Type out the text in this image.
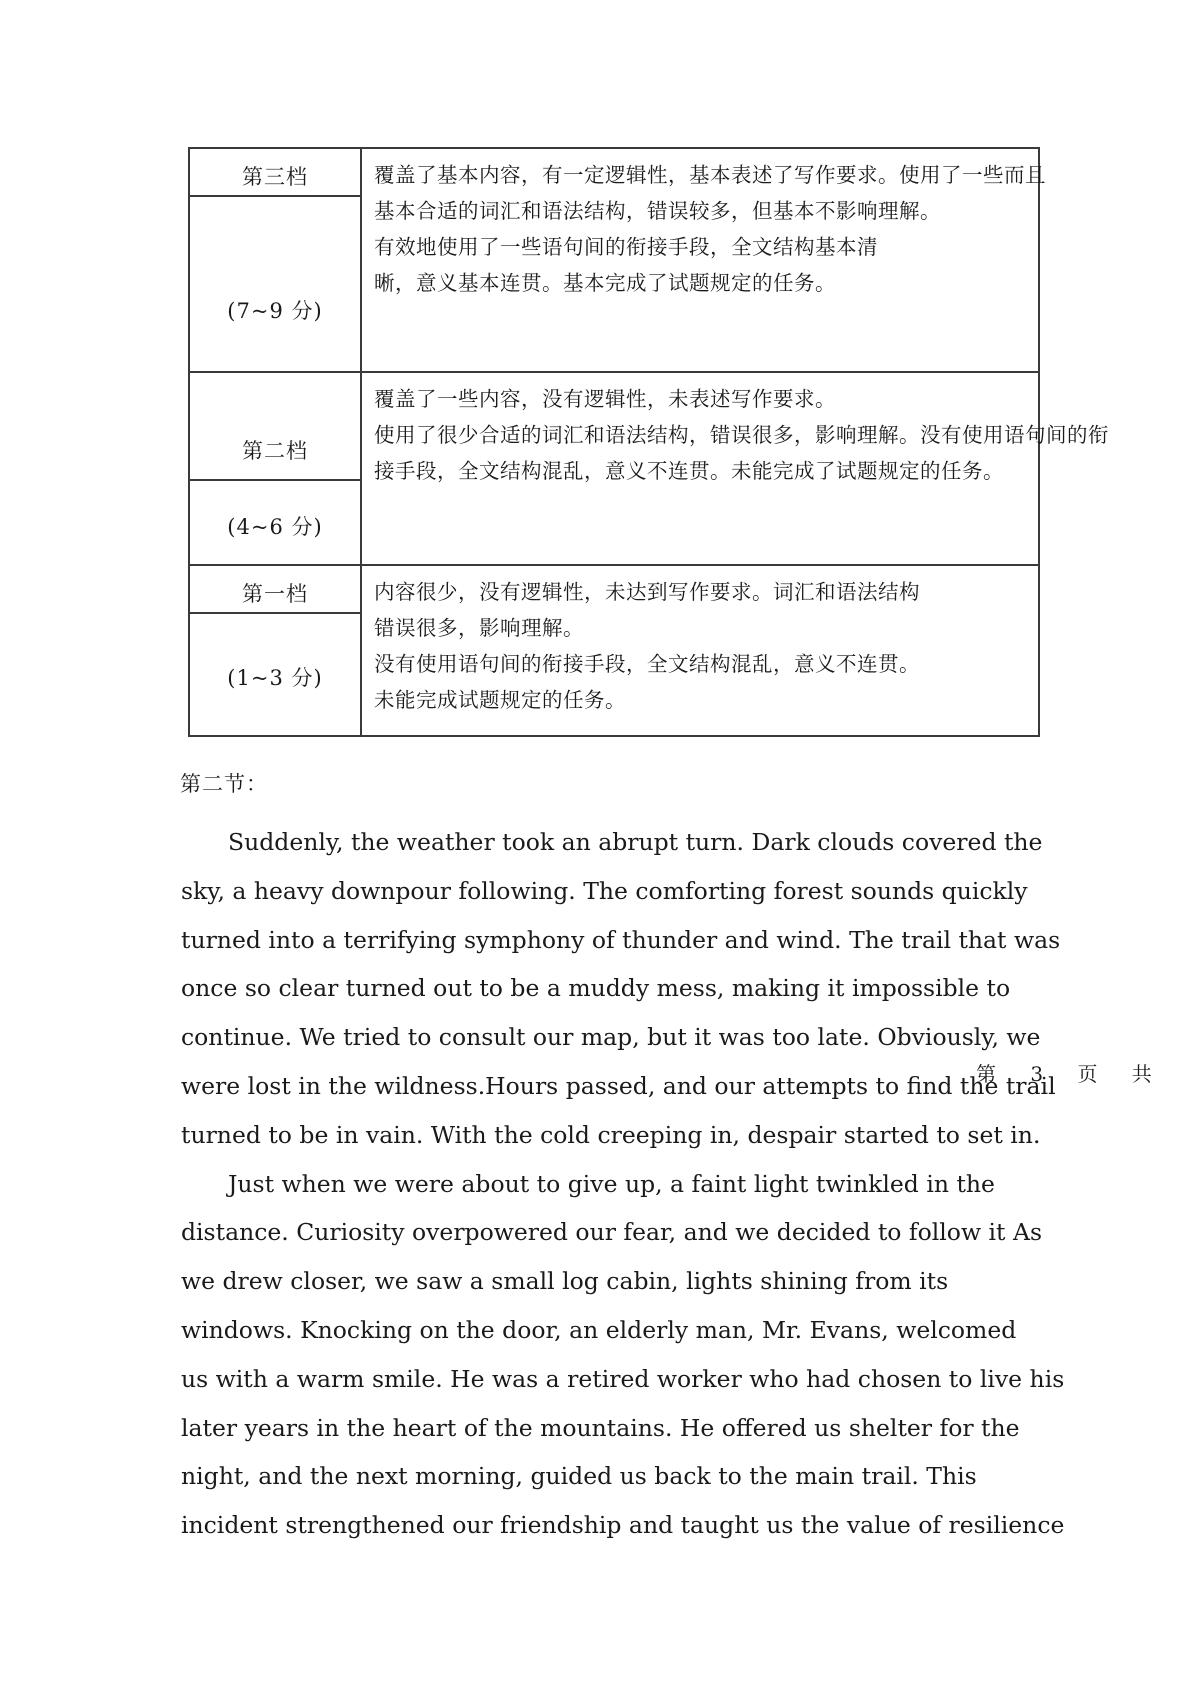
第三档
(7~9 分)
覆盖了基本内容，有一定逻辑性，基本表述了写作要求。使用了一些而且
基本合适的词汇和语法结构，错误较多，但基本不影响理解。
有效地使用了一些语句间的衔接手段，全文结构基本清
晰，意义基本连贯。基本完成了试题规定的任务。
第二档
(4~6 分)
覆盖了一些内容，没有逻辑性，未表述写作要求。
使用了很少合适的词汇和语法结构，错误很多，影响理解。没有使用语句间的衔
接手段，全文结构混乱，意义不连贯。未能完成了试题规定的任务。
第一档
(1~3 分)
内容很少，没有逻辑性，未达到写作要求。词汇和语法结构
错误很多，影响理解。
没有使用语句间的衔接手段，全文结构混乱，意义不连贯。
未能完成试题规定的任务。
第二节：
Suddenly, the weather took an abrupt turn. Dark clouds covered the
sky, a heavy downpour following. The comforting forest sounds quickly
turned into a terrifying symphony of thunder and wind. The trail that was
once so clear turned out to be a muddy mess, making it impossible to
continue. We tried to consult our map, but it was too late. Obviously, we
were lost in the wildness.Hours passed, and our attempts to find the trail
turned to be in vain. With the cold creeping in, despair started to set in.
Just when we were about to give up, a faint light twinkled in the
distance. Curiosity overpowered our fear, and we decided to follow it As
we drew closer, we saw a small log cabin, lights shining from its
windows. Knocking on the door, an elderly man, Mr. Evans, welcomed
us with a warm smile. He was a retired worker who had chosen to live his
later years in the heart of the mountains. He offered us shelter for the
night, and the next morning, guided us back to the main trail. This
incident strengthened our friendship and taught us the value of resilience
第 3 页 共
